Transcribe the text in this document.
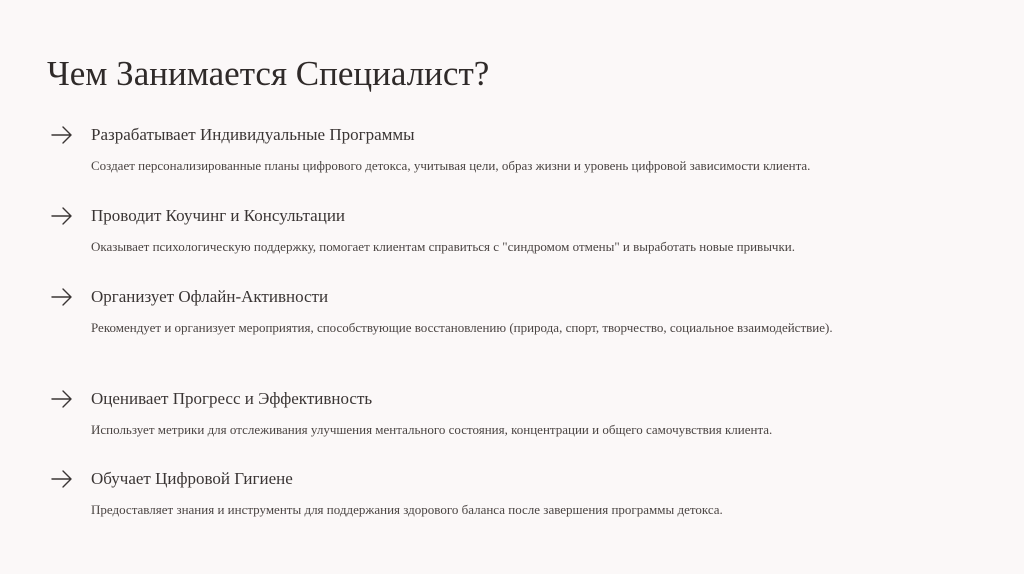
Чем Занимается Специалист?
Разрабатывает Индивидуальные Программы
Создает персонализированные планы цифрового детокса, учитывая цели, образ жизни и уровень цифровой зависимости клиента.
Проводит Коучинг и Консультации
Оказывает психологическую поддержку, помогает клиентам справиться с "синдромом отмены" и выработать новые привычки.
Организует Офлайн-Активности
Рекомендует и организует мероприятия, способствующие восстановлению (природа, спорт, творчество, социальное взаимодействие).
Оценивает Прогресс и Эффективность
Использует метрики для отслеживания улучшения ментального состояния, концентрации и общего самочувствия клиента.
Обучает Цифровой Гигиене
Предоставляет знания и инструменты для поддержания здорового баланса после завершения программы детокса.
